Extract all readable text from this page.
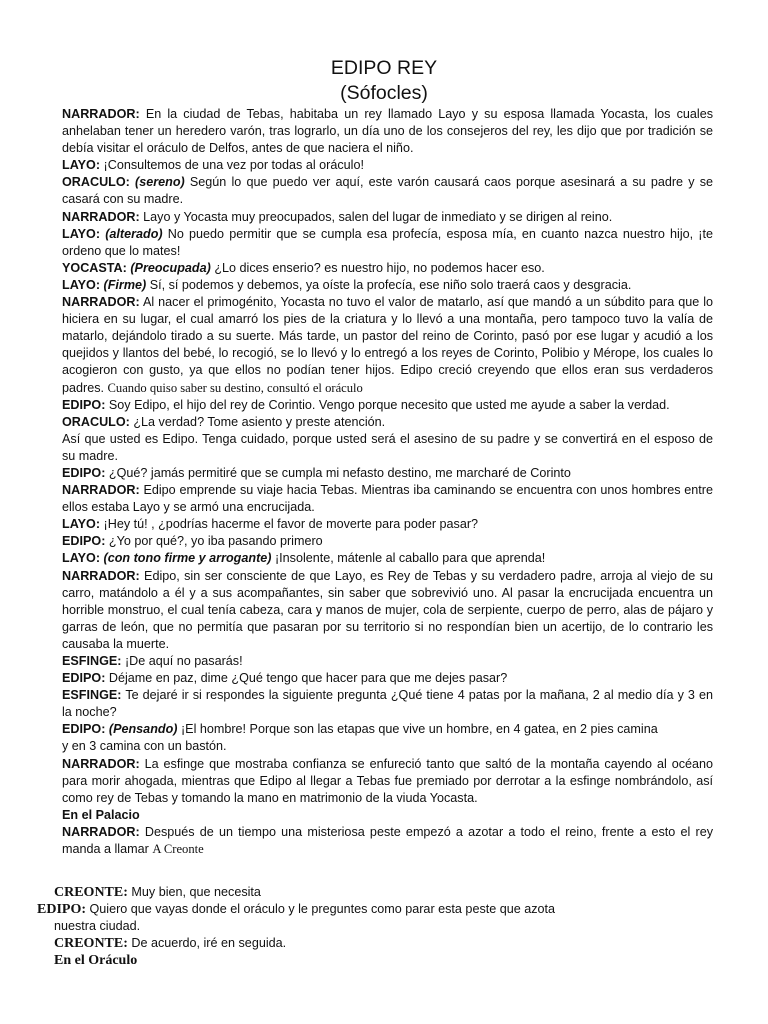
EDIPO REY
(Sófocles)

NARRADOR: En la ciudad de Tebas, habitaba un rey llamado Layo y su esposa llamada Yocasta, los cuales anhelaban tener un heredero varón, tras lograrlo, un día uno de los consejeros del rey, les dijo que por tradición se debía visitar el oráculo de Delfos, antes de que naciera el niño.

LAYO: ¡Consultemos de una vez por todas al oráculo!

ORACULO: (sereno) Según lo que puedo ver aquí, este varón causará caos porque asesinará a su padre y se casará con su madre.

NARRADOR: Layo y Yocasta muy preocupados, salen del lugar de inmediato y se dirigen al reino.

LAYO: (alterado) No puedo permitir que se cumpla esa profecía, esposa mía, en cuanto nazca nuestro hijo, ¡te ordeno que lo mates!

YOCASTA: (Preocupada) ¿Lo dices enserio? es nuestro hijo, no podemos hacer eso.

LAYO: (Firme) Sí, sí podemos y debemos, ya oíste la profecía, ese niño solo traerá caos y desgracia.

NARRADOR: Al nacer el primogénito, Yocasta no tuvo el valor de matarlo, así que mandó a un súbdito para que lo hiciera en su lugar, el cual amarró los pies de la criatura y lo llevó a una montaña, pero tampoco tuvo la valía de matarlo, dejándolo tirado a su suerte. Más tarde, un pastor del reino de Corinto, pasó por ese lugar y acudió a los quejidos y llantos del bebé, lo recogió, se lo llevó y lo entregó a los reyes de Corinto, Polibio y Mérope, los cuales lo acogieron con gusto, ya que ellos no podían tener hijos. Edipo creció creyendo que ellos eran sus verdaderos padres. Cuando quiso saber su destino, consultó el oráculo

EDIPO: Soy Edipo, el hijo del rey de Corintio. Vengo porque necesito que usted me ayude a saber la verdad.

ORACULO: ¿La verdad? Tome asiento y preste atención.

Así que usted es Edipo. Tenga cuidado, porque usted será el asesino de su padre y se convertirá en el esposo de su madre.

EDIPO: ¿Qué? jamás permitiré que se cumpla mi nefasto destino, me marcharé de Corinto

NARRADOR: Edipo emprende su viaje hacia Tebas. Mientras iba caminando se encuentra con unos hombres entre ellos estaba Layo y se armó una encrucijada.

LAYO: ¡Hey tú! , ¿podrías hacerme el favor de moverte para poder pasar?

EDIPO: ¿Yo por qué?, yo iba pasando primero

LAYO: (con tono firme y arrogante) ¡Insolente, mátenle al caballo para que aprenda!

NARRADOR: Edipo, sin ser consciente de que Layo, es Rey de Tebas y su verdadero padre, arroja al viejo de su carro, matándolo a él y a sus acompañantes, sin saber que sobrevivió uno. Al pasar la encrucijada encuentra un horrible monstruo, el cual tenía cabeza, cara y manos de mujer, cola de serpiente, cuerpo de perro, alas de pájaro y garras de león, que no permitía que pasaran por su territorio si no respondían bien un acertijo, de lo contrario les causaba la muerte.

ESFINGE: ¡De aquí no pasarás!

EDIPO: Déjame en paz, dime ¿Qué tengo que hacer para que me dejes pasar?

ESFINGE: Te dejaré ir si respondes la siguiente pregunta ¿Qué tiene 4 patas por la mañana, 2 al medio día y 3 en la noche?

EDIPO: (Pensando) ¡El hombre! Porque son las etapas que vive un hombre, en 4 gatea, en 2 pies camina
y en 3 camina con un bastón.

NARRADOR: La esfinge que mostraba confianza se enfureció tanto que saltó de la montaña cayendo al océano para morir ahogada, mientras que Edipo al llegar a Tebas fue premiado por derrotar a la esfinge nombrándolo, así como rey de Tebas y tomando la mano en matrimonio de la viuda Yocasta.

En el Palacio

NARRADOR: Después de un tiempo una misteriosa peste empezó a azotar a todo el reino, frente a esto el rey manda a llamar A Creonte

CREONTE: Muy bien, que necesita

EDIPO: Quiero que vayas donde el oráculo y le preguntes como parar esta peste que azota

nuestra ciudad.

CREONTE: De acuerdo, iré en seguida.

En el Oráculo
